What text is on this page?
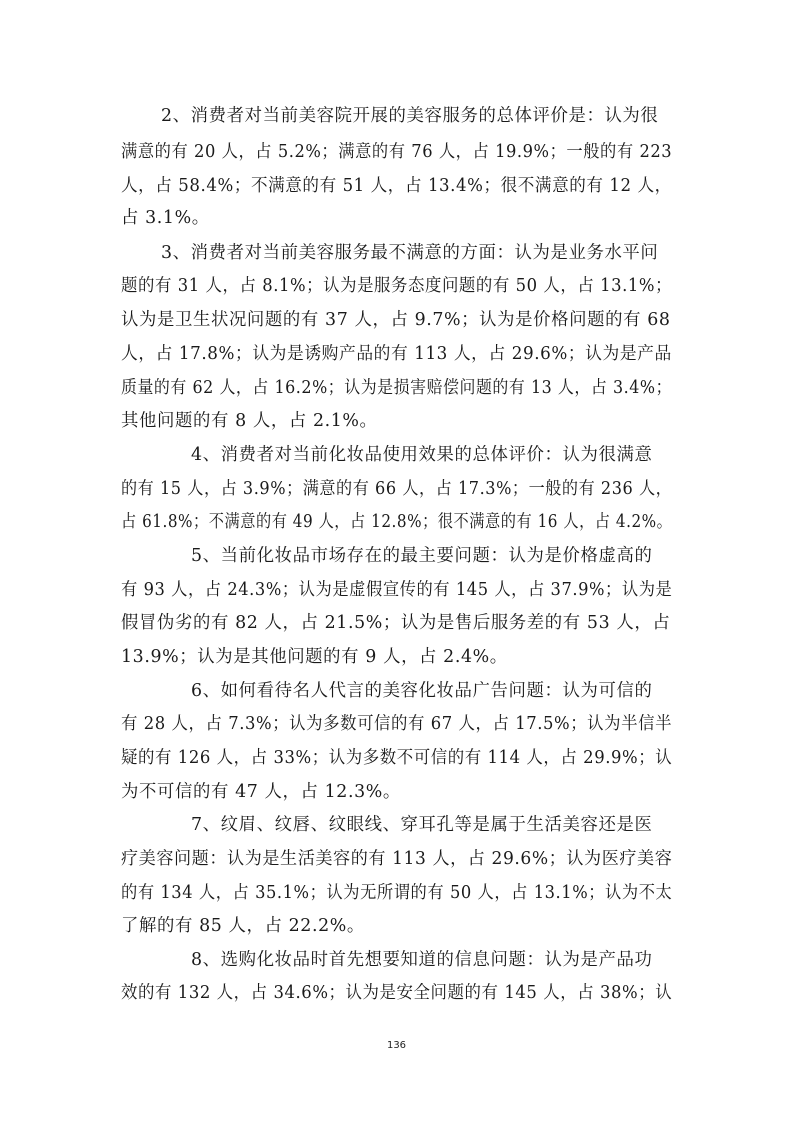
2、消费者对当前美容院开展的美容服务的总体评价是：认为很
满意的有 20 人，占 5.2%；满意的有 76 人，占 19.9%；一般的有 223
人，占 58.4%；不满意的有 51 人，占 13.4%；很不满意的有 12 人，
占 3.1%。
3、消费者对当前美容服务最不满意的方面：认为是业务水平问
题的有 31 人，占 8.1%；认为是服务态度问题的有 50 人，占 13.1%；
认为是卫生状况问题的有 37 人，占 9.7%；认为是价格问题的有 68
人，占 17.8%；认为是诱购产品的有 113 人，占 29.6%；认为是产品
质量的有 62 人，占 16.2%；认为是损害赔偿问题的有 13 人，占 3.4%；
其他问题的有 8 人，占 2.1%。
4、消费者对当前化妆品使用效果的总体评价：认为很满意
的有 15 人，占 3.9%；满意的有 66 人，占 17.3%；一般的有 236 人，
占 61.8%；不满意的有 49 人，占 12.8%；很不满意的有 16 人，占 4.2%。
5、当前化妆品市场存在的最主要问题：认为是价格虚高的
有 93 人，占 24.3%；认为是虚假宣传的有 145 人，占 37.9%；认为是
假冒伪劣的有 82 人，占 21.5%；认为是售后服务差的有 53 人，占
13.9%；认为是其他问题的有 9 人，占 2.4%。
6、如何看待名人代言的美容化妆品广告问题：认为可信的
有 28 人，占 7.3%；认为多数可信的有 67 人，占 17.5%；认为半信半
疑的有 126 人，占 33%；认为多数不可信的有 114 人，占 29.9%；认
为不可信的有 47 人，占 12.3%。
7、纹眉、纹唇、纹眼线、穿耳孔等是属于生活美容还是医
疗美容问题：认为是生活美容的有 113 人，占 29.6%；认为医疗美容
的有 134 人，占 35.1%；认为无所谓的有 50 人，占 13.1%；认为不太
了解的有 85 人，占 22.2%。
8、选购化妆品时首先想要知道的信息问题：认为是产品功
效的有 132 人，占 34.6%；认为是安全问题的有 145 人，占 38%；认
136
